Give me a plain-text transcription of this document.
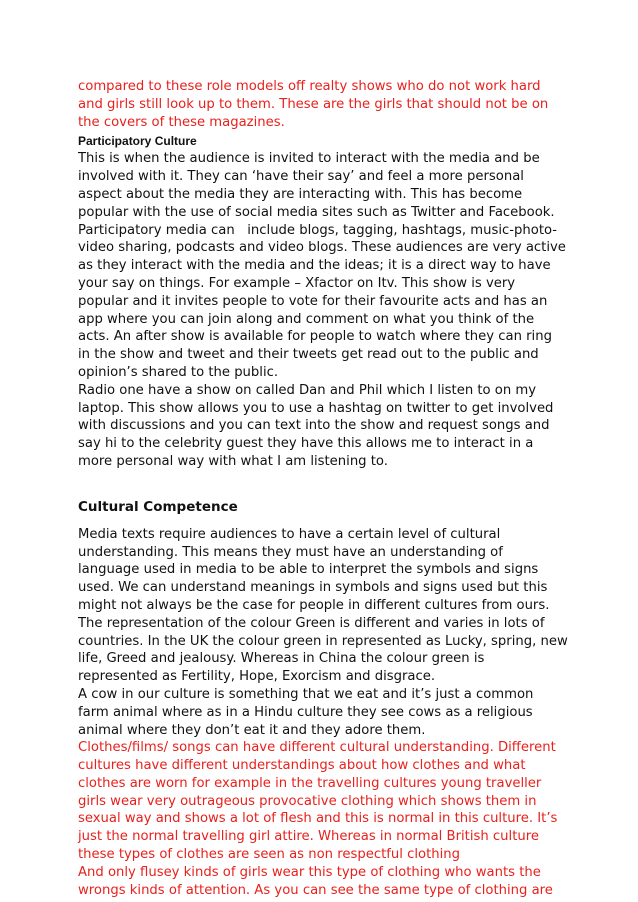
compared to these role models off realty shows who do not work hard and girls still look up to them. These are the girls that should not be on the covers of these magazines.

Participatory Culture

This is when the audience is invited to interact with the media and be involved with it. They can ‘have their say’ and feel a more personal aspect about the media they are interacting with. This has become popular with the use of social media sites such as Twitter and Facebook. Participatory media can   include blogs, tagging, hashtags, music-photo-video sharing, podcasts and video blogs. These audiences are very active as they interact with the media and the ideas; it is a direct way to have your say on things. For example – Xfactor on Itv. This show is very popular and it invites people to vote for their favourite acts and has an app where you can join along and comment on what you think of the acts. An after show is available for people to watch where they can ring in the show and tweet and their tweets get read out to the public and opinion’s shared to the public.

Radio one have a show on called Dan and Phil which I listen to on my laptop. This show allows you to use a hashtag on twitter to get involved with discussions and you can text into the show and request songs and say hi to the celebrity guest they have this allows me to interact in a more personal way with what I am listening to.

Cultural Competence

Media texts require audiences to have a certain level of cultural understanding. This means they must have an understanding of language used in media to be able to interpret the symbols and signs used. We can understand meanings in symbols and signs used but this might not always be the case for people in different cultures from ours.

The representation of the colour Green is different and varies in lots of countries. In the UK the colour green in represented as Lucky, spring, new life, Greed and jealousy. Whereas in China the colour green is represented as Fertility, Hope, Exorcism and disgrace.

A cow in our culture is something that we eat and it’s just a common farm animal where as in a Hindu culture they see cows as a religious animal where they don’t eat it and they adore them.

Clothes/films/ songs can have different cultural understanding. Different cultures have different understandings about how clothes and what clothes are worn for example in the travelling cultures young traveller girls wear very outrageous provocative clothing which shows them in sexual way and shows a lot of flesh and this is normal in this culture. It’s just the normal travelling girl attire. Whereas in normal British culture these types of clothes are seen as non respectful clothing

And only flusey kinds of girls wear this type of clothing who wants the wrongs kinds of attention. As you can see the same type of clothing are
